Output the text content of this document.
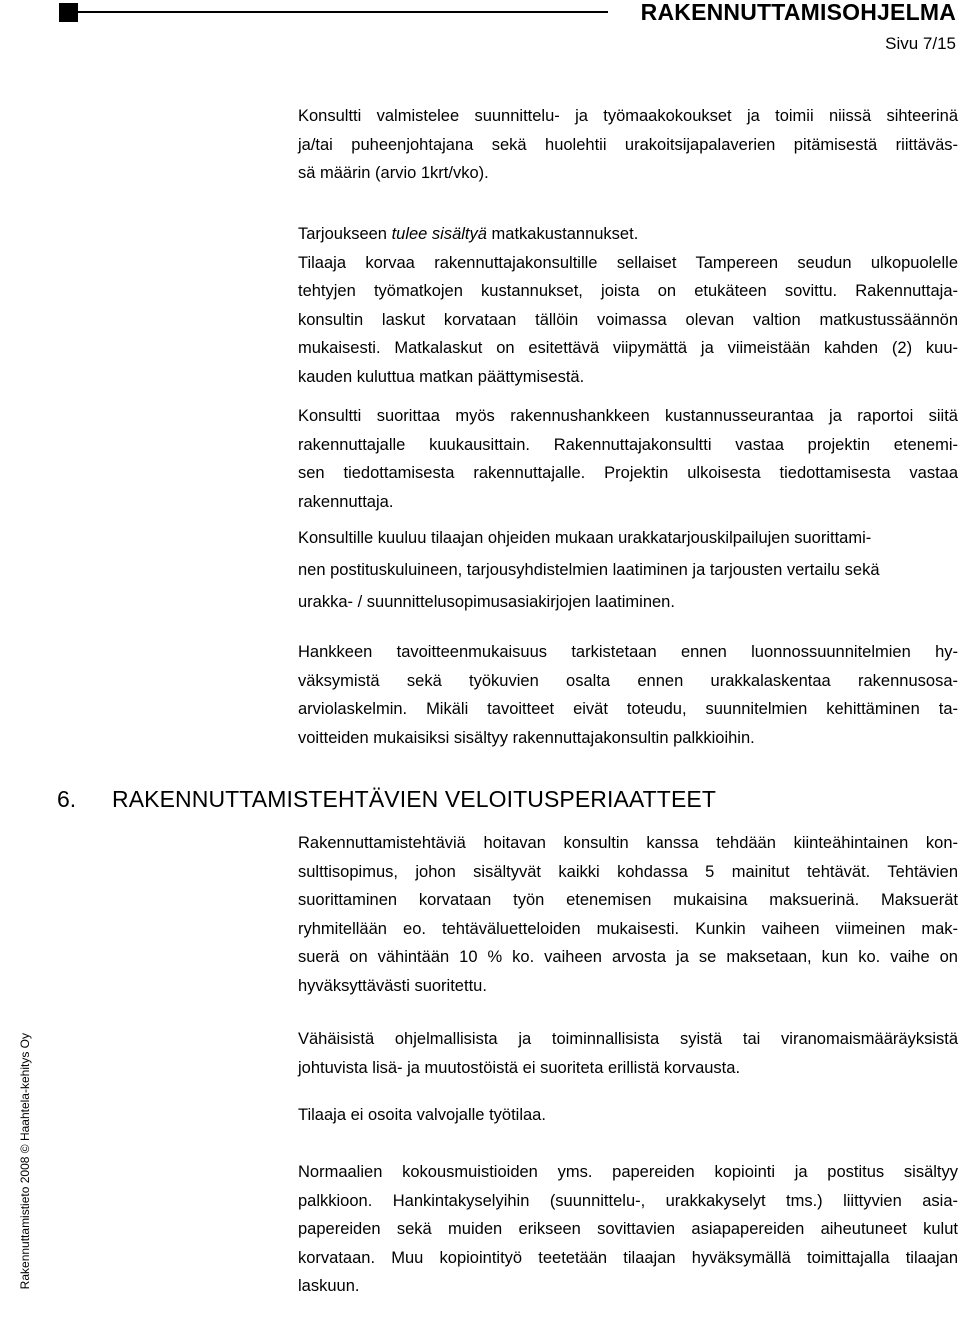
RAKENNUTTAMISOHJELMA
Sivu 7/15
Konsultti valmistelee suunnittelu- ja työmaakokoukset ja toimii niissä sihteerinä
ja/tai puheenjohtajana sekä huolehtii urakoitsijapalaverien pitämisestä riittäväs-
sä määrin (arvio 1krt/vko).
Tarjoukseen tulee sisältyä matkakustannukset.
Tilaaja korvaa rakennuttajakonsultille sellaiset Tampereen seudun ulkopuolelle
tehtyjen työmatkojen kustannukset, joista on etukäteen sovittu. Rakennuttaja-
konsultin laskut korvataan tällöin voimassa olevan valtion matkustussäännön
mukaisesti. Matkalaskut on esitettävä viipymättä ja viimeistään kahden (2) kuu-
kauden kuluttua matkan päättymisestä.
Konsultti suorittaa myös rakennushankkeen kustannusseurantaa ja raportoi siitä
rakennuttajalle kuukausittain. Rakennuttajakonsultti vastaa projektin etenemi-
sen tiedottamisesta rakennuttajalle. Projektin ulkoisesta tiedottamisesta vastaa
rakennuttaja.
Konsultille kuuluu tilaajan ohjeiden mukaan urakkatarjouskilpailujen suorittami-
nen postituskuluineen, tarjousyhdistelmien laatiminen ja tarjousten vertailu sekä
urakka- / suunnittelusopimusasiakirjojen laatiminen.
Hankkeen tavoitteenmukaisuus tarkistetaan ennen luonnossuunnitelmien hy-
väksymistä sekä työkuvien osalta ennen urakkalaskentaa rakennusosa-
arviolaskelmin. Mikäli tavoitteet eivät toteudu, suunnitelmien kehittäminen ta-
voitteiden mukaisiksi sisältyy rakennuttajakonsultin palkkioihin.
6. RAKENNUTTAMISTEHTÄVIEN VELOITUSPERIAATTEET
Rakennuttamistehtäviä hoitavan konsultin kanssa tehdään kiinteähintainen kon-
sulttisopimus, johon sisältyvät kaikki kohdassa 5 mainitut tehtävät. Tehtävien
suorittaminen korvataan työn etenemisen mukaisina maksuerinä. Maksuerät
ryhmitellään eo. tehtäväluetteloiden mukaisesti. Kunkin vaiheen viimeinen mak-
suerä on vähintään 10 % ko. vaiheen arvosta ja se maksetaan, kun ko. vaihe on
hyväksyttävästi suoritettu.
Vähäisistä ohjelmallisista ja toiminnallisista syistä tai viranomaismääräyksistä
johtuvista lisä- ja muutostöistä ei suoriteta erillistä korvausta.
Tilaaja ei osoita valvojalle työtilaa.
Normaalien kokousmuistioiden yms. papereiden kopiointi ja postitus sisältyy
palkkioon. Hankintakyselyihin (suunnittelu-, urakkakyselyt tms.) liittyvien asia-
papereiden sekä muiden erikseen sovittavien asiapapereiden aiheutuneet kulut
korvataan. Muu kopiointityö teetetään tilaajan hyväksymällä toimittajalla tilaajan
laskuun.
Rakennuttamistieto 2008 © Haahtela-kehitys Oy
